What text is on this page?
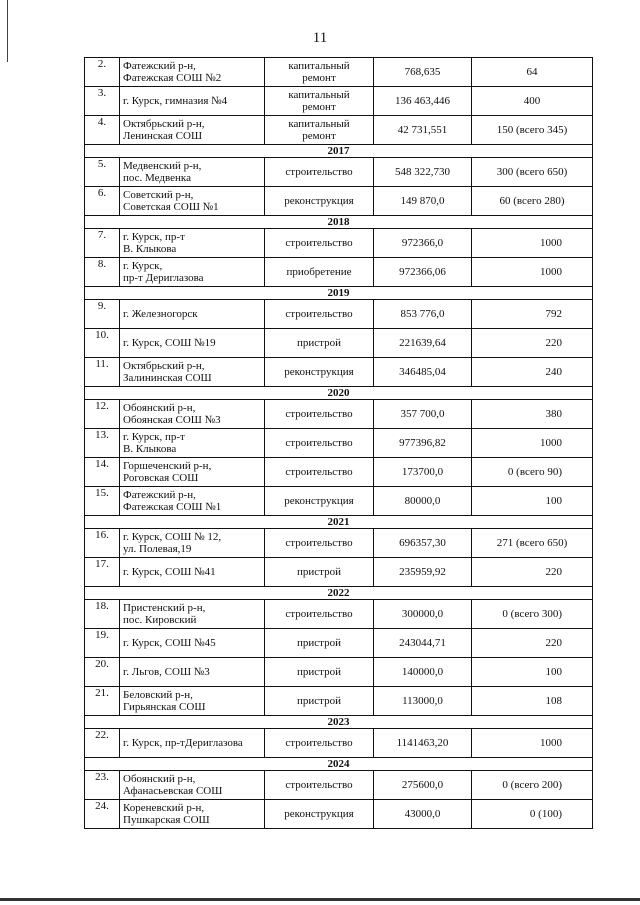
11
2.	Фатежский р-н,
Фатежская СОШ №2	капитальный
ремонт	768,635	64
3.	г. Курск, гимназия №4	капитальный
ремонт	136 463,446	400
4.	Октябрьский р-н,
Ленинская СОШ	капитальный
ремонт	42 731,551	150 (всего 345)
2017				
5.	Медвенский р-н,
пос. Медвенка	строительство	548 322,730	300 (всего 650)
6.	Советский р-н,
Советская СОШ №1	реконструкция	149 870,0	60 (всего 280)
2018				
7.	г. Курск, пр-т
В. Клыкова	строительство	972366,0	1000
8.	г. Курск,
пр-т Дериглазова	приобретение	972366,06	1000
2019				
9.	г. Железногорск	строительство	853 776,0	792
10.	г. Курск, СОШ №19	пристрой	221639,64	220
11.	Октябрьский р-н,
Залининская СОШ	реконструкция	346485,04	240
2020				
12.	Обоянский р-н,
Обоянская СОШ №3	строительство	357 700,0	380
13.	г. Курск, пр-т
В. Клыкова	строительство	977396,82	1000
14.	Горшеченский р-н,
Роговская СОШ	строительство	173700,0	0 (всего 90)
15.	Фатежский р-н,
Фатежская СОШ №1	реконструкция	80000,0	100
2021				
16.	г. Курск, СОШ № 12,
ул. Полевая,19	строительство	696357,30	271 (всего 650)
17.	г. Курск, СОШ №41	пристрой	235959,92	220
2022				
18.	Пристенский р-н,
пос. Кировский	строительство	300000,0	0 (всего 300)
19.	г. Курск, СОШ №45	пристрой	243044,71	220
20.	г. Льгов, СОШ №3	пристрой	140000,0	100
21.	Беловский р-н,
Гирьянская СОШ	пристрой	113000,0	108
2023				
22.	г. Курск, пр-тДериглазова	строительство	1141463,20	1000
2024				
23.	Обоянский р-н,
Афанасьевская СОШ	строительство	275600,0	0 (всего 200)
24.	Кореневский р-н,
Пушкарская СОШ	реконструкция	43000,0	0 (100)
